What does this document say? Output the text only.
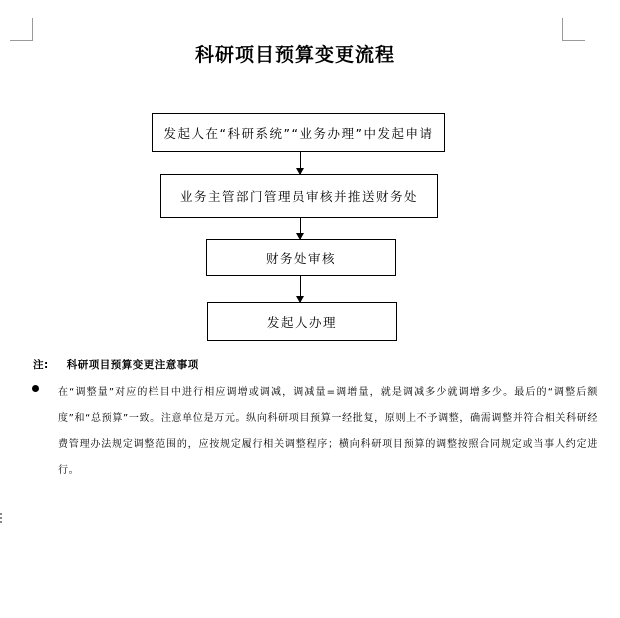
科研项目预算变更流程
发起人在“科研系统”“业务办理”中发起申请
业务主管部门管理员审核并推送财务处
财务处审核
发起人办理
注: 科研项目预算变更注意事项
在“调整量”对应的栏目中进行相应调增或调减，调减量=调增量，就是调减多少就调增多少。最后的“调整后额度”和“总预算”一致。注意单位是万元。纵向科研项目预算一经批复，原则上不予调整，确需调整并符合相关科研经费管理办法规定调整范围的，应按规定履行相关调整程序；横向科研项目预算的调整按照合同规定或当事人约定进行。
